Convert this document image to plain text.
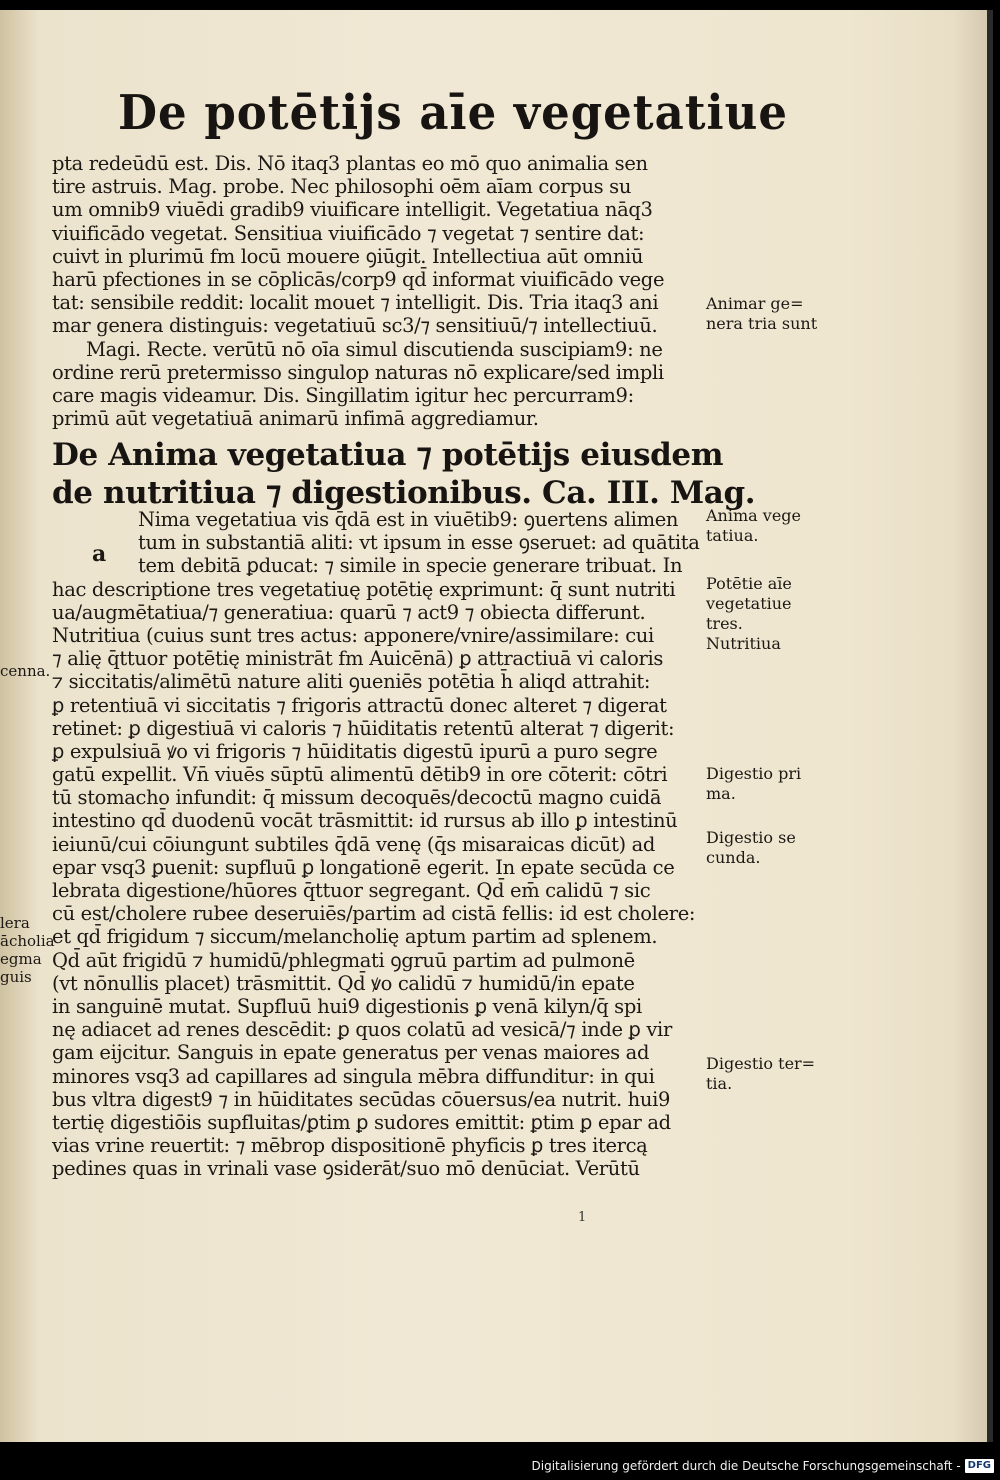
De potētijs aīe vegetatiue
pta redeūdū est. Dis. Nō itaq3 plantas eo mō quo animalia sen
tire astruis. Mag. probe. Nec philosophi oēm aīam corpus su
um omnib9 viuēdi gradib9 viuificare intelligit. Vegetatiua nāq3
viuificādo vegetat. Sensitiua viuificādo ⁊ vegetat ⁊ sentire dat:
cuivt in plurimū fm locū mouere ꝯiūgit. Intellectiua aūt omniū
harū pfectiones in se cōplicās/corp9 qd̄ informat viuificādo vege
tat: sensibile reddit: localit mouet ⁊ intelligit. Dis. Tria itaq3 ani
mar genera distinguis: vegetatiuū sc3/⁊ sensitiuū/⁊ intellectiuū.
Magi. Recte. verūtū nō oīa simul discutienda suscipiam9: ne
ordine rerū pretermisso singulop naturas nō explicare/sed impli
care magis videamur. Dis. Singillatim igitur hec percurram9:
primū aūt vegetatiuā animarū infimā aggrediamur.
De Anima vegetatiua ⁊ potētijs eiusdem
de nutritiua ⁊ digestionibus. Ca. III. Mag.
a
Nima vegetatiua vis q̄dā est in viuētib9: ꝯuertens alimen
tum in substantiā aliti: vt ipsum in esse ꝯseruet: ad quātita
tem debitā ꝑducat: ⁊ simile in specie generare tribuat. In
hac descriptione tres vegetatiuę potētię exprimunt: q̄ sunt nutriti
ua/augmētatiua/⁊ generatiua: quarū ⁊ act9 ⁊ obiecta differunt.
Nutritiua (cuius sunt tres actus: apponere/vnire/assimilare: cui
⁊ alię q̄ttuor potētię ministrāt fm Auicēnā) ꝑ attractiuā vi caloris
⁊ siccitatis/alimētū nature aliti ꝯueniēs potētia h̄ aliqd attrahit:
ꝑ retentiuā vi siccitatis ⁊ frigoris attractū donec alteret ⁊ digerat
retinet: ꝑ digestiuā vi caloris ⁊ hūiditatis retentū alterat ⁊ digerit:
ꝑ expulsiuā ꝟo vi frigoris ⁊ hūiditatis digestū ipurū a puro segre
gatū expellit. Vn̄ viuēs sūptū alimentū dētib9 in ore cōterit: cōtri
tū stomacho infundit: q̄ missum decoquēs/decoctū magno cuidā
intestino qd̄ duodenū vocāt trāsmittit: id rursus ab illo ꝑ intestinū
ieiunū/cui cōiungunt subtiles q̄dā venę (q̄s misaraicas dicūt) ad
epar vsq3 ꝑuenit: supfluū ꝑ longationē egerit. In epate secūda ce
lebrata digestione/hūores q̄ttuor segregant. Qd̄ em̄ calidū ⁊ sic
cū est/cholere rubee deseruiēs/partim ad cistā fellis: id est cholere:
et qd̄ frigidum ⁊ siccum/melancholię aptum partim ad splenem.
Qd̄ aūt frigidū ⁊ humidū/phlegmati ꝯgruū partim ad pulmonē
(vt nōnullis placet) trāsmittit. Qd̄ ꝟo calidū ⁊ humidū/in epate
in sanguinē mutat. Supfluū hui9 digestionis ꝑ venā kilyn/q̄ spi
nę adiacet ad renes descēdit: ꝑ quos colatū ad vesicā/⁊ inde ꝑ vir
gam eijcitur. Sanguis in epate generatus per venas maiores ad
minores vsq3 ad capillares ad singula mēbra diffunditur: in qui
bus vltra digest9 ⁊ in hūiditates secūdas cōuersus/ea nutrit. hui9
tertię digestiōis supfluitas/ꝑtim ꝑ sudores emittit: ꝑtim ꝑ epar ad
vias vrine reuertit: ⁊ mēbrop dispositionē phyficis ꝑ tres itercą
pedines quas in vrinali vase ꝯsiderāt/suo mō denūciat. Verūtū
Animar ge=
nera tria sunt
Anima vege
tatiua.
Potētie aīe
vegetatiue
tres.
Nutritiua
Digestio pri
ma.
Digestio se
cunda.
Digestio ter=
tia.
cenna.
lera
ācholia
egma
guis
1
Digitalisierung gefördert durch die Deutsche Forschungsgemeinschaft - DFG
